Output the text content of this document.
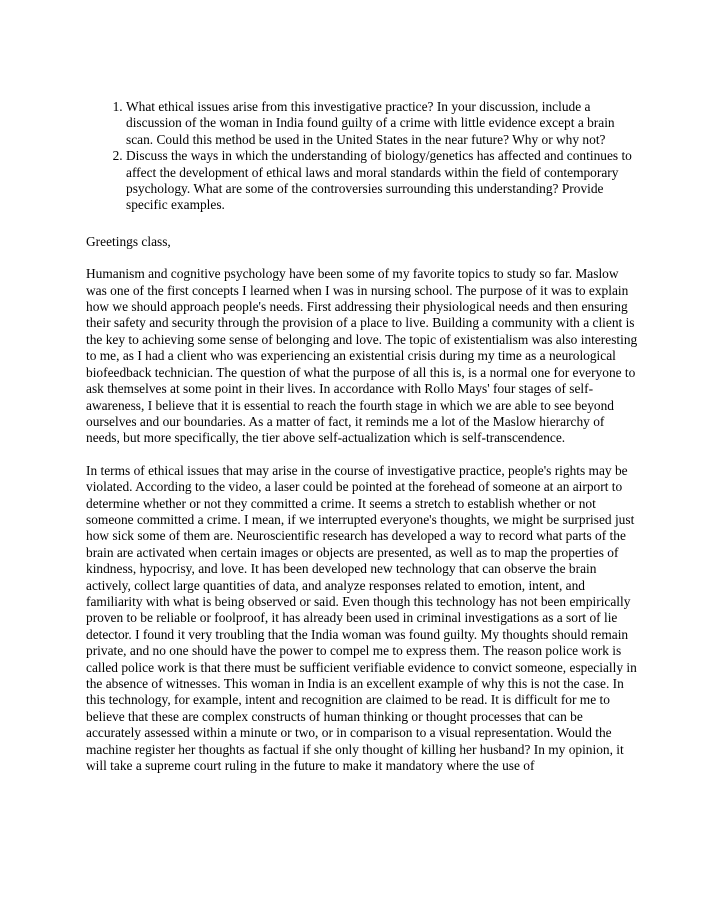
1. What ethical issues arise from this investigative practice? In your discussion, include a discussion of the woman in India found guilty of a crime with little evidence except a brain scan. Could this method be used in the United States in the near future? Why or why not?
2. Discuss the ways in which the understanding of biology/genetics has affected and continues to affect the development of ethical laws and moral standards within the field of contemporary psychology. What are some of the controversies surrounding this understanding? Provide specific examples.

Greetings class,

Humanism and cognitive psychology have been some of my favorite topics to study so far. Maslow was one of the first concepts I learned when I was in nursing school. The purpose of it was to explain how we should approach people's needs. First addressing their physiological needs and then ensuring their safety and security through the provision of a place to live. Building a community with a client is the key to achieving some sense of belonging and love. The topic of existentialism was also interesting to me, as I had a client who was experiencing an existential crisis during my time as a neurological biofeedback technician. The question of what the purpose of all this is, is a normal one for everyone to ask themselves at some point in their lives. In accordance with Rollo Mays' four stages of self-awareness, I believe that it is essential to reach the fourth stage in which we are able to see beyond ourselves and our boundaries. As a matter of fact, it reminds me a lot of the Maslow hierarchy of needs, but more specifically, the tier above self-actualization which is self-transcendence.

In terms of ethical issues that may arise in the course of investigative practice, people's rights may be violated. According to the video, a laser could be pointed at the forehead of someone at an airport to determine whether or not they committed a crime. It seems a stretch to establish whether or not someone committed a crime. I mean, if we interrupted everyone's thoughts, we might be surprised just how sick some of them are. Neuroscientific research has developed a way to record what parts of the brain are activated when certain images or objects are presented, as well as to map the properties of kindness, hypocrisy, and love. It has been developed new technology that can observe the brain actively, collect large quantities of data, and analyze responses related to emotion, intent, and familiarity with what is being observed or said. Even though this technology has not been empirically proven to be reliable or foolproof, it has already been used in criminal investigations as a sort of lie detector. I found it very troubling that the India woman was found guilty. My thoughts should remain private, and no one should have the power to compel me to express them. The reason police work is called police work is that there must be sufficient verifiable evidence to convict someone, especially in the absence of witnesses. This woman in India is an excellent example of why this is not the case. In this technology, for example, intent and recognition are claimed to be read. It is difficult for me to believe that these are complex constructs of human thinking or thought processes that can be accurately assessed within a minute or two, or in comparison to a visual representation. Would the machine register her thoughts as factual if she only thought of killing her husband? In my opinion, it will take a supreme court ruling in the future to make it mandatory where the use of
